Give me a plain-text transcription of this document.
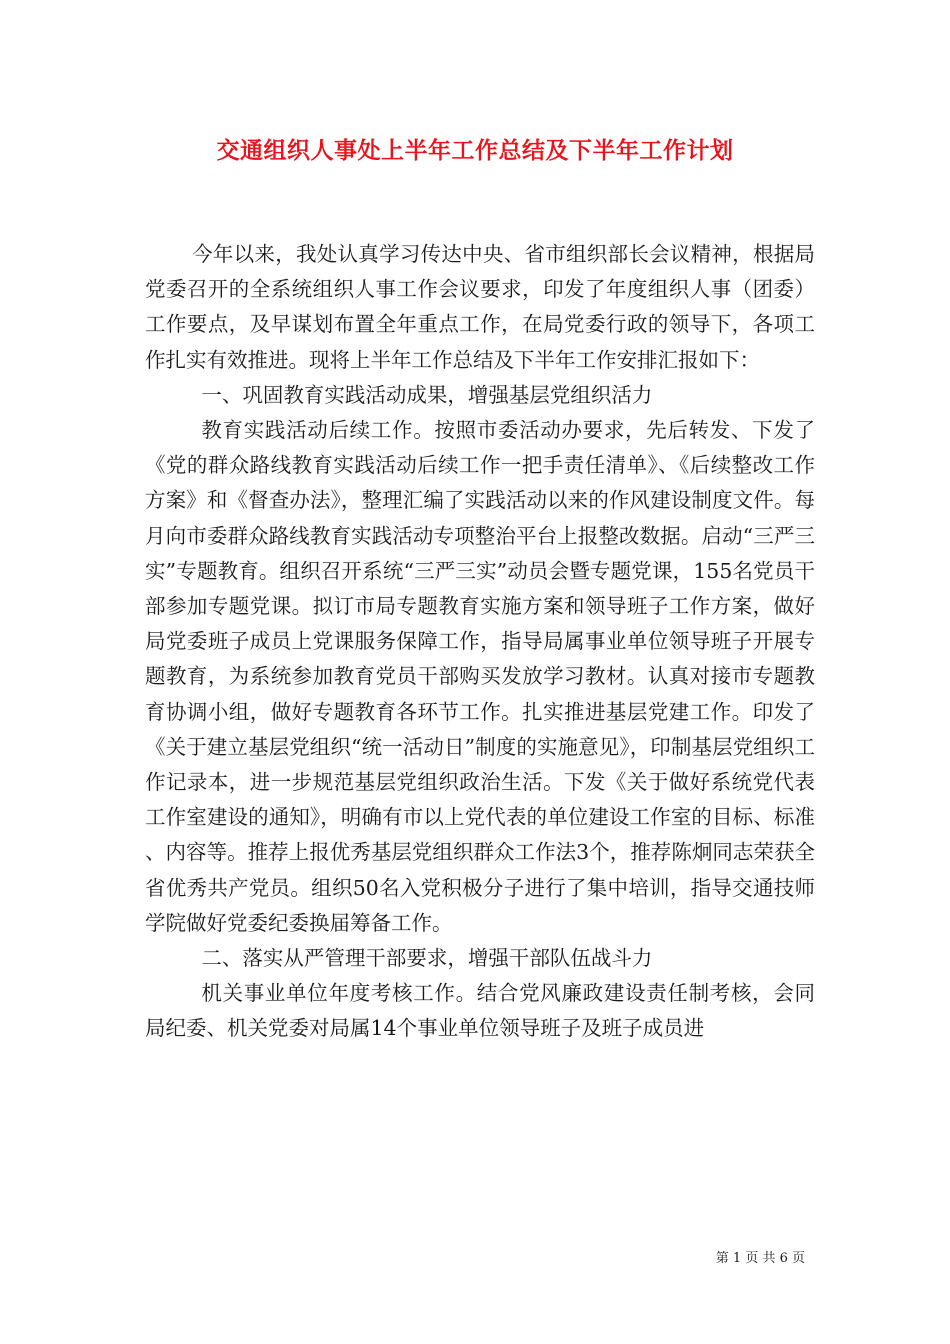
交通组织人事处上半年工作总结及下半年工作计划

今年以来，我处认真学习传达中央、省市组织部长会议精神，根据局党委召开的全系统组织人事工作会议要求，印发了年度组织人事（团委）工作要点，及早谋划布置全年重点工作，在局党委行政的领导下，各项工作扎实有效推进。现将上半年工作总结及下半年工作安排汇报如下：

一、巩固教育实践活动成果，增强基层党组织活力

教育实践活动后续工作。按照市委活动办要求，先后转发、下发了《党的群众路线教育实践活动后续工作一把手责任清单》、《后续整改工作方案》和《督查办法》，整理汇编了实践活动以来的作风建设制度文件。每月向市委群众路线教育实践活动专项整治平台上报整改数据。启动“三严三实”专题教育。组织召开系统“三严三实”动员会暨专题党课，155名党员干部参加专题党课。拟订市局专题教育实施方案和领导班子工作方案，做好局党委班子成员上党课服务保障工作，指导局属事业单位领导班子开展专题教育，为系统参加教育党员干部购买发放学习教材。认真对接市专题教育协调小组，做好专题教育各环节工作。扎实推进基层党建工作。印发了《关于建立基层党组织“统一活动日”制度的实施意见》，印制基层党组织工作记录本，进一步规范基层党组织政治生活。下发《关于做好系统党代表工作室建设的通知》，明确有市以上党代表的单位建设工作室的目标、标准、内容等。推荐上报优秀基层党组织群众工作法3个，推荐陈炯同志荣获全省优秀共产党员。组织50名入党积极分子进行了集中培训，指导交通技师学院做好党委纪委换届筹备工作。

二、落实从严管理干部要求，增强干部队伍战斗力

机关事业单位年度考核工作。结合党风廉政建设责任制考核，会同局纪委、机关党委对局属14个事业单位领导班子及班子成员进

第 1 页 共 6 页
